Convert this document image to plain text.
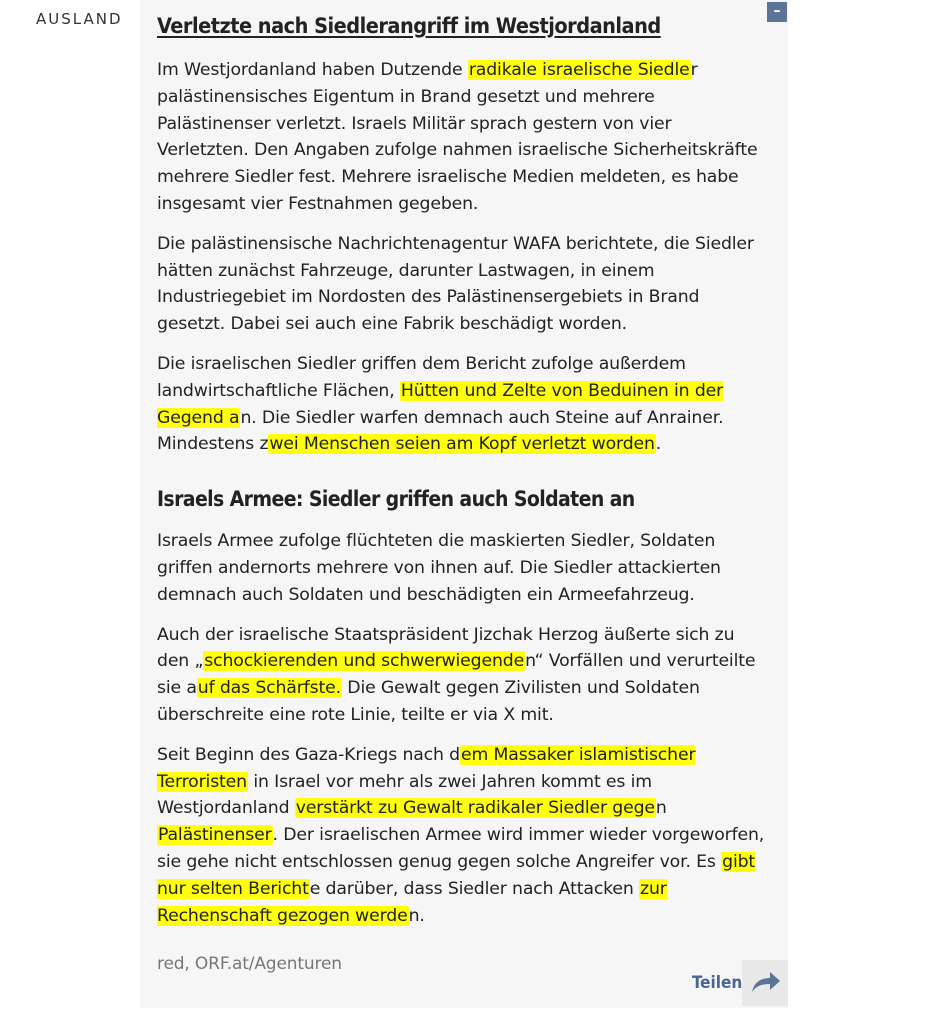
AUSLAND	–
Verletzte nach Siedlerangriff im Westjordanland

Im Westjordanland haben Dutzende radikale israelische Siedler palästinensisches Eigentum in Brand gesetzt und mehrere Palästinenser verletzt. Israels Militär sprach gestern von vier Verletzten. Den Angaben zufolge nahmen israelische Sicherheitskräfte mehrere Siedler fest. Mehrere israelische Medien meldeten, es habe insgesamt vier Festnahmen gegeben.

Die palästinensische Nachrichtenagentur WAFA berichtete, die Siedler hätten zunächst Fahrzeuge, darunter Lastwagen, in einem Industriegebiet im Nordosten des Palästinensergebiets in Brand gesetzt. Dabei sei auch eine Fabrik beschädigt worden.

Die israelischen Siedler griffen dem Bericht zufolge außerdem landwirtschaftliche Flächen, Hütten und Zelte von Beduinen in der Gegend an. Die Siedler warfen demnach auch Steine auf Anrainer. Mindestens zwei Menschen seien am Kopf verletzt worden.

Israels Armee: Siedler griffen auch Soldaten an

Israels Armee zufolge flüchteten die maskierten Siedler, Soldaten griffen andernorts mehrere von ihnen auf. Die Siedler attackierten demnach auch Soldaten und beschädigten ein Armeefahrzeug.

Auch der israelische Staatspräsident Jizchak Herzog äußerte sich zu den „schockierenden und schwerwiegenden“ Vorfällen und verurteilte sie auf das Schärfste. Die Gewalt gegen Zivilisten und Soldaten überschreite eine rote Linie, teilte er via X mit.

Seit Beginn des Gaza-Kriegs nach dem Massaker islamistischer Terroristen in Israel vor mehr als zwei Jahren kommt es im Westjordanland verstärkt zu Gewalt radikaler Siedler gegen Palästinenser. Der israelischen Armee wird immer wieder vorgeworfen, sie gehe nicht entschlossen genug gegen solche Angreifer vor. Es gibt nur selten Berichte darüber, dass Siedler nach Attacken zur Rechenschaft gezogen werden.

red, ORF.at/Agenturen

Teilen
